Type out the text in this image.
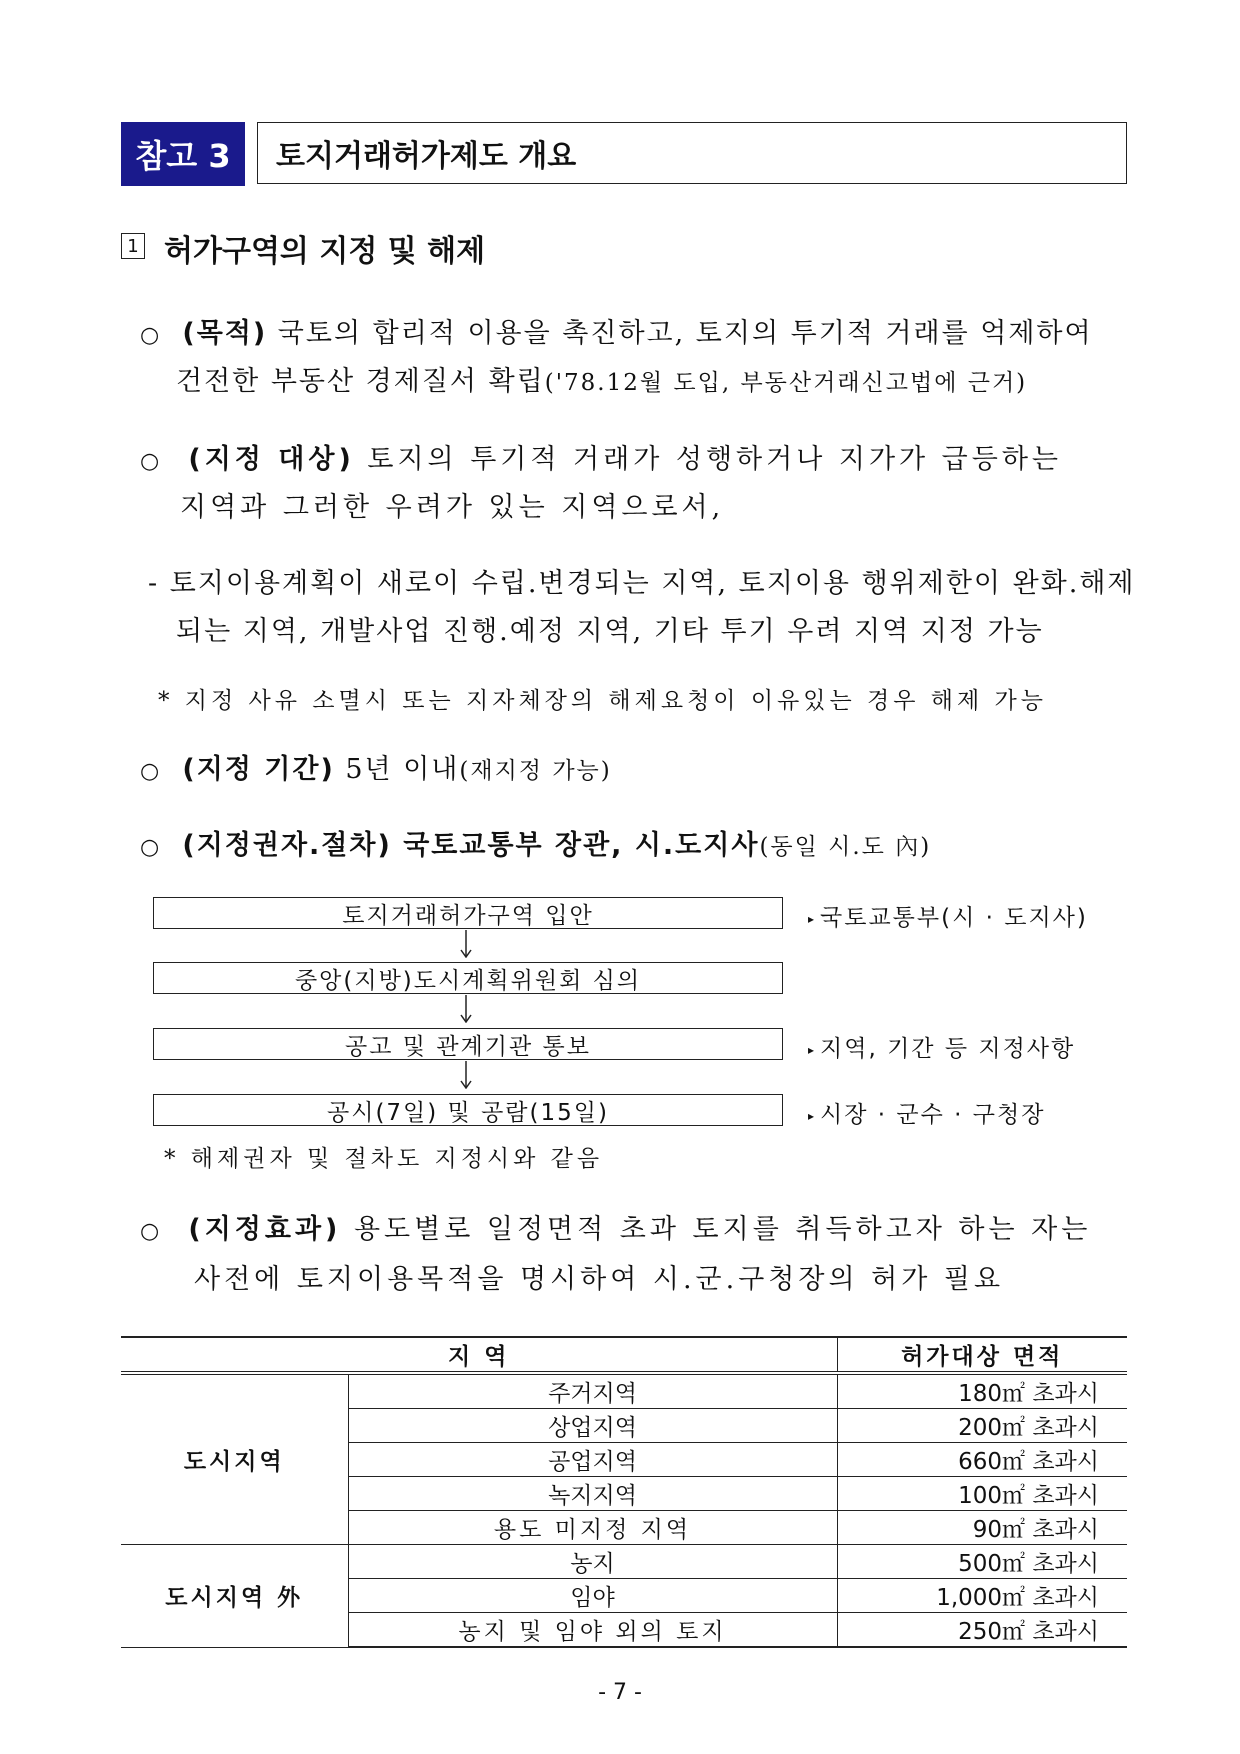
참고 3	토지거래허가제도 개요
1 허가구역의 지정 및 해제
○ (목적) 국토의 합리적 이용을 촉진하고, 토지의 투기적 거래를 억제하여
건전한 부동산 경제질서 확립('78.12월 도입, 부동산거래신고법에 근거)
○ (지정 대상) 토지의 투기적 거래가 성행하거나 지가가 급등하는
지역과 그러한 우려가 있는 지역으로서,
- 토지이용계획이 새로이 수립.변경되는 지역, 토지이용 행위제한이 완화.해제
되는 지역, 개발사업 진행.예정 지역, 기타 투기 우려 지역 지정 가능
* 지정 사유 소멸시 또는 지자체장의 해제요청이 이유있는 경우 해제 가능
○ (지정 기간) 5년 이내(재지정 가능)
○ (지정권자.절차) 국토교통부 장관, 시.도지사(동일 시.도 內)
토지거래허가구역 입안	▸ 국토교통부(시 · 도지사)
중앙(지방)도시계획위원회 심의
공고 및 관계기관 통보	▸ 지역, 기간 등 지정사항
공시(7일) 및 공람(15일)	▸ 시장 · 군수 · 구청장
* 해제권자 및 절차도 지정시와 같음
○ (지정효과) 용도별로 일정면적 초과 토지를 취득하고자 하는 자는
사전에 토지이용목적을 명시하여 시.군.구청장의 허가 필요
지 역		허가대상 면적
도시지역	주거지역	180㎡ 초과시
	상업지역	200㎡ 초과시
	공업지역	660㎡ 초과시
	녹지지역	100㎡ 초과시
	용도 미지정 지역	90㎡ 초과시
도시지역 外	농지	500㎡ 초과시
	임야	1,000㎡ 초과시
	농지 및 임야 외의 토지	250㎡ 초과시
- 7 -
